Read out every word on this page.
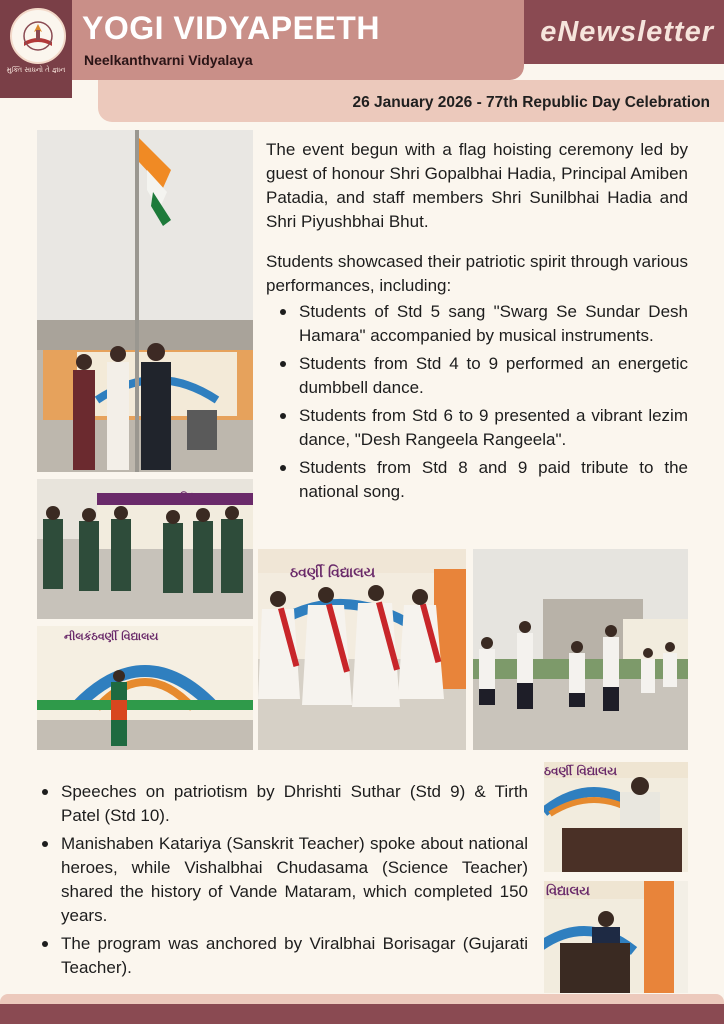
મુક્તિ સાધનો તે જ્ઞાન
YOGI VIDYAPEETH
Neelkanthvarni Vidyalaya
eNewsletter
26 January 2026 - 77th Republic Day Celebration
વિદ્યાલય
નીલકંઠવર્ણી વિદ્યાલય
ઠવર્ણી વિદ્યાલય
ઠવર્ણી વિદ્યાલય
વિદ્યાલય

The event begun with a flag hoisting ceremony led by guest of honour Shri Gopalbhai Hadia, Principal Amiben Patadia, and staff members Shri Sunilbhai Hadia and Shri Piyushbhai Bhut.

Students showcased their patriotic spirit through various performances, including:

Students of Std 5 sang "Swarg Se Sundar Desh Hamara" accompanied by musical instruments.
Students from Std 4 to 9 performed an energetic dumbbell dance.
Students from Std 6 to 9 presented a vibrant lezim dance, "Desh Rangeela Rangeela".
Students from Std 8 and 9 paid tribute to the national song.
Speeches on patriotism by Dhrishti Suthar (Std 9) & Tirth Patel (Std 10).
Manishaben Katariya (Sanskrit Teacher) spoke about national heroes, while Vishalbhai Chudasama (Science Teacher) shared the history of Vande Mataram, which completed 150 years.
The program was anchored by Viralbhai Borisagar (Gujarati Teacher).
